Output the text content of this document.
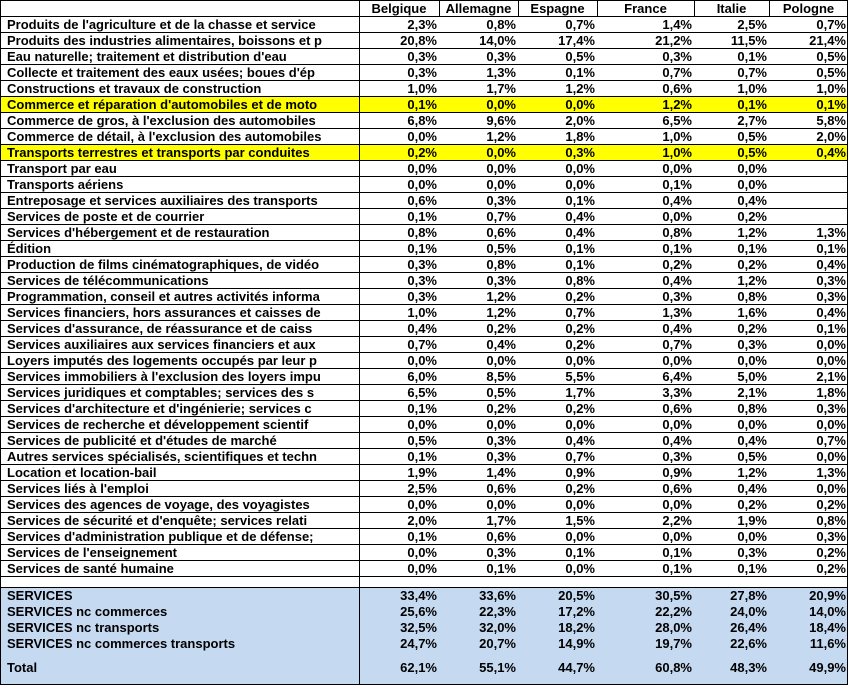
Belgique	Allemagne	Espagne	France	Italie	Pologne
Produits de l'agriculture et de la chasse et service	2,3%	0,8%	0,7%	1,4%	2,5%	0,7%
Produits des industries alimentaires, boissons et p	20,8%	14,0%	17,4%	21,2%	11,5%	21,4%
Eau naturelle; traitement et distribution d'eau	0,3%	0,3%	0,5%	0,3%	0,1%	0,5%
Collecte et traitement des eaux usées; boues d'ép	0,3%	1,3%	0,1%	0,7%	0,7%	0,5%
Constructions et travaux de construction	1,0%	1,7%	1,2%	0,6%	1,0%	1,0%
Commerce et réparation d'automobiles et de moto	0,1%	0,0%	0,0%	1,2%	0,1%	0,1%
Commerce de gros, à l'exclusion des automobiles	6,8%	9,6%	2,0%	6,5%	2,7%	5,8%
Commerce de détail, à l'exclusion des automobiles	0,0%	1,2%	1,8%	1,0%	0,5%	2,0%
Transports terrestres et transports par conduites	0,2%	0,0%	0,3%	1,0%	0,5%	0,4%
Transport par eau	0,0%	0,0%	0,0%	0,0%	0,0%
Transports aériens	0,0%	0,0%	0,0%	0,1%	0,0%
Entreposage et services auxiliaires des transports	0,6%	0,3%	0,1%	0,4%	0,4%
Services de poste et de courrier	0,1%	0,7%	0,4%	0,0%	0,2%
Services d'hébergement et de restauration	0,8%	0,6%	0,4%	0,8%	1,2%	1,3%
Édition	0,1%	0,5%	0,1%	0,1%	0,1%	0,1%
Production de films cinématographiques, de vidéo	0,3%	0,8%	0,1%	0,2%	0,2%	0,4%
Services de télécommunications	0,3%	0,3%	0,8%	0,4%	1,2%	0,3%
Programmation, conseil et autres activités informa	0,3%	1,2%	0,2%	0,3%	0,8%	0,3%
Services financiers, hors assurances et caisses de	1,0%	1,2%	0,7%	1,3%	1,6%	0,4%
Services d'assurance, de réassurance et de caiss	0,4%	0,2%	0,2%	0,4%	0,2%	0,1%
Services auxiliaires aux services financiers et aux	0,7%	0,4%	0,2%	0,7%	0,3%	0,0%
Loyers imputés des logements occupés par leur p	0,0%	0,0%	0,0%	0,0%	0,0%	0,0%
Services immobiliers à l'exclusion des loyers impu	6,0%	8,5%	5,5%	6,4%	5,0%	2,1%
Services juridiques et comptables; services des s	6,5%	0,5%	1,7%	3,3%	2,1%	1,8%
Services d'architecture et d'ingénierie; services c	0,1%	0,2%	0,2%	0,6%	0,8%	0,3%
Services de recherche et développement scientif	0,0%	0,0%	0,0%	0,0%	0,0%	0,0%
Services de publicité et d'études de marché	0,5%	0,3%	0,4%	0,4%	0,4%	0,7%
Autres services spécialisés, scientifiques et techn	0,1%	0,3%	0,7%	0,3%	0,5%	0,0%
Location et location-bail	1,9%	1,4%	0,9%	0,9%	1,2%	1,3%
Services liés à l'emploi	2,5%	0,6%	0,2%	0,6%	0,4%	0,0%
Services des agences de voyage, des voyagistes	0,0%	0,0%	0,0%	0,0%	0,2%	0,2%
Services de sécurité et d'enquête; services relati	2,0%	1,7%	1,5%	2,2%	1,9%	0,8%
Services d'administration publique et de défense;	0,1%	0,6%	0,0%	0,0%	0,0%	0,3%
Services de l'enseignement	0,0%	0,3%	0,1%	0,1%	0,3%	0,2%
Services de santé humaine	0,0%	0,1%	0,0%	0,1%	0,1%	0,2%
SERVICES	33,4%	33,6%	20,5%	30,5%	27,8%	20,9%
SERVICES nc commerces	25,6%	22,3%	17,2%	22,2%	24,0%	14,0%
SERVICES nc transports	32,5%	32,0%	18,2%	28,0%	26,4%	18,4%
SERVICES nc commerces transports	24,7%	20,7%	14,9%	19,7%	22,6%	11,6%
Total	62,1%	55,1%	44,7%	60,8%	48,3%	49,9%
